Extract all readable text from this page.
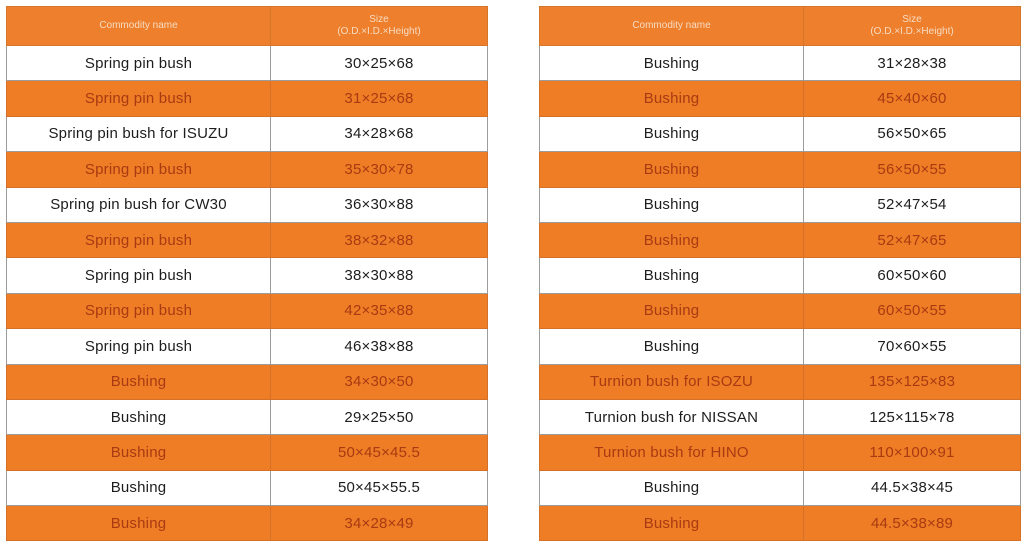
Commodity name	Size
(O.D.×I.D.×Height)

Spring pin bush	30×25×68
Spring pin bush	31×25×68
Spring pin bush for ISUZU	34×28×68
Spring pin bush	35×30×78
Spring pin bush for CW30	36×30×88
Spring pin bush	38×32×88
Spring pin bush	38×30×88
Spring pin bush	42×35×88
Spring pin bush	46×38×88
Bushing	34×30×50
Bushing	29×25×50
Bushing	50×45×45.5
Bushing	50×45×55.5
Bushing	34×28×49
Commodity name	Size
(O.D.×I.D.×Height)

Bushing	31×28×38
Bushing	45×40×60
Bushing	56×50×65
Bushing	56×50×55
Bushing	52×47×54
Bushing	52×47×65
Bushing	60×50×60
Bushing	60×50×55
Bushing	70×60×55
Turnion bush for ISOZU	135×125×83
Turnion bush for NISSAN	125×115×78
Turnion bush for HINO	110×100×91
Bushing	44.5×38×45
Bushing	44.5×38×89
